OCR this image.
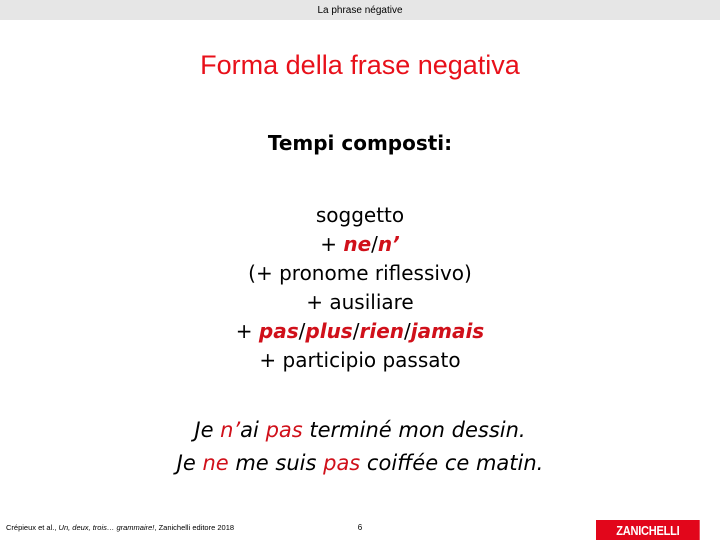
La phrase négative
Forma della frase negativa
Tempi composti:
soggetto
+ ne/n’
(+ pronome riflessivo)
+ ausiliare
+ pas/plus/rien/jamais
+ participio passato
Je n’ai pas terminé mon dessin.
Je ne me suis pas coiffée ce matin.
Crépieux et al., Un, deux, trois… grammaire!, Zanichelli editore 2018	6	ZANICHELLI
